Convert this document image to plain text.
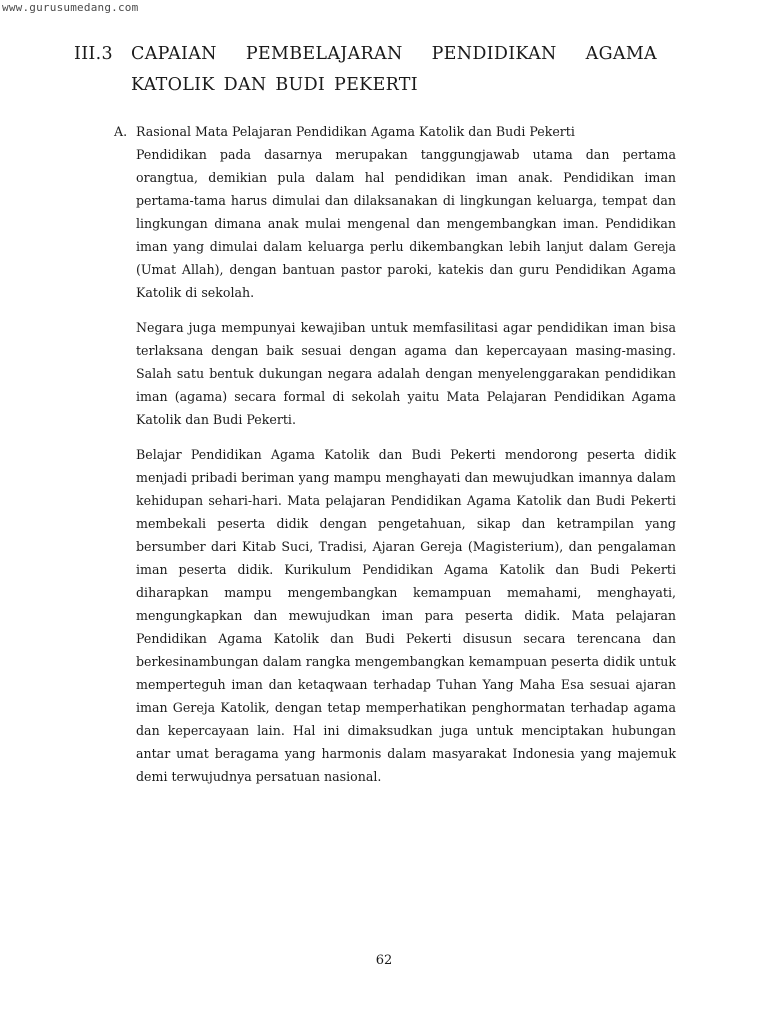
www.gurusumedang.com
III.3 CAPAIAN PEMBELAJARAN PENDIDIKAN AGAMA
KATOLIK DAN BUDI PEKERTI
A. Rasional Mata Pelajaran Pendidikan Agama Katolik dan Budi Pekerti

Pendidikan pada dasarnya merupakan tanggungjawab utama dan pertama orangtua, demikian pula dalam hal pendidikan iman anak. Pendidikan iman pertama-tama harus dimulai dan dilaksanakan di lingkungan keluarga, tempat dan lingkungan dimana anak mulai mengenal dan mengembangkan iman. Pendidikan iman yang dimulai dalam keluarga perlu dikembangkan lebih lanjut dalam Gereja (Umat Allah), dengan bantuan pastor paroki, katekis dan guru Pendidikan Agama Katolik di sekolah.

Negara juga mempunyai kewajiban untuk memfasilitasi agar pendidikan iman bisa terlaksana dengan baik sesuai dengan agama dan kepercayaan masing-masing. Salah satu bentuk dukungan negara adalah dengan menyelenggarakan pendidikan iman (agama) secara formal di sekolah yaitu Mata Pelajaran Pendidikan Agama Katolik dan Budi Pekerti.

Belajar Pendidikan Agama Katolik dan Budi Pekerti mendorong peserta didik menjadi pribadi beriman yang mampu menghayati dan mewujudkan imannya dalam kehidupan sehari-hari. Mata pelajaran Pendidikan Agama Katolik dan Budi Pekerti membekali peserta didik dengan pengetahuan, sikap dan ketrampilan yang bersumber dari Kitab Suci, Tradisi, Ajaran Gereja (Magisterium), dan pengalaman iman peserta didik. Kurikulum Pendidikan Agama Katolik dan Budi Pekerti diharapkan mampu mengembangkan kemampuan memahami, menghayati, mengungkapkan dan mewujudkan iman para peserta didik. Mata pelajaran Pendidikan Agama Katolik dan Budi Pekerti disusun secara terencana dan berkesinambungan dalam rangka mengembangkan kemampuan peserta didik untuk memperteguh iman dan ketaqwaan terhadap Tuhan Yang Maha Esa sesuai ajaran iman Gereja Katolik, dengan tetap memperhatikan penghormatan terhadap agama dan kepercayaan lain. Hal ini dimaksudkan juga untuk menciptakan hubungan antar umat beragama yang harmonis dalam masyarakat Indonesia yang majemuk demi terwujudnya persatuan nasional.

62
